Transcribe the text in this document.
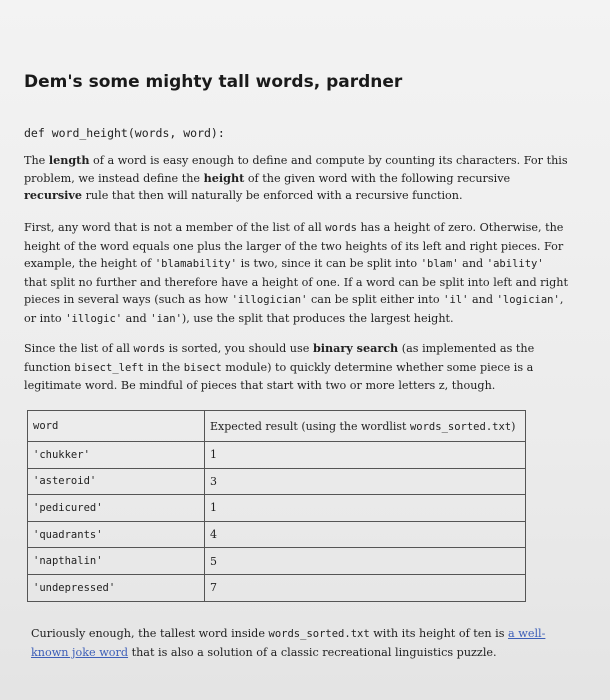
Dem's some mighty tall words, pardner
def word_height(words, word):
The length of a word is easy enough to define and compute by counting its characters. For this problem, we instead define the height of the given word with the following recursive recursive rule that then will naturally be enforced with a recursive function.
First, any word that is not a member of the list of all words has a height of zero. Otherwise, the height of the word equals one plus the larger of the two heights of its left and right pieces. For example, the height of 'blamability' is two, since it can be split into 'blam' and 'ability' that split no further and therefore have a height of one. If a word can be split into left and right pieces in several ways (such as how 'illogician' can be split either into 'il' and 'logician', or into 'illogic' and 'ian'), use the split that produces the largest height.
Since the list of all words is sorted, you should use binary search (as implemented as the function bisect_left in the bisect module) to quickly determine whether some piece is a legitimate word. Be mindful of pieces that start with two or more letters z, though.
word	Expected result (using the wordlist words_sorted.txt)
'chukker'	1
'asteroid'	3
'pedicured'	1
'quadrants'	4
'napthalin'	5
'undepressed'	7
Curiously enough, the tallest word inside words_sorted.txt with its height of ten is a well-known joke word that is also a solution of a classic recreational linguistics puzzle.
